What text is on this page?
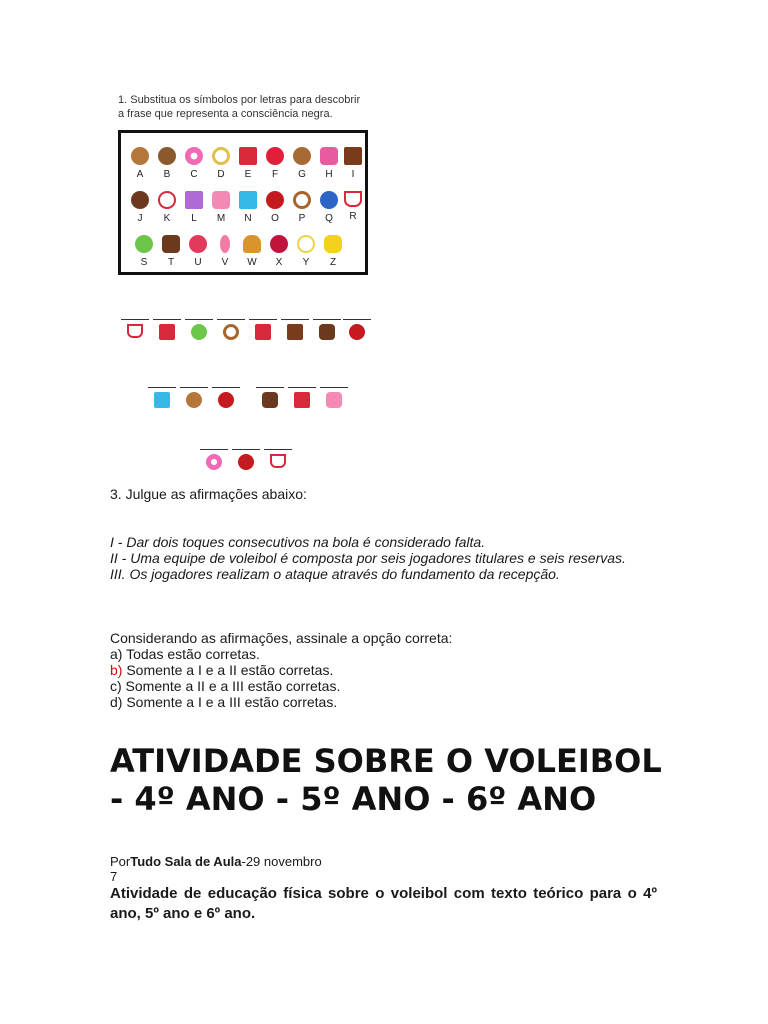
1. Substitua os símbolos por letras para descobrir
a frase que representa a consciência negra.
A	B	C	D	E	F	G	H	I
J	K	L	M	N	O	P	Q	R
S	T	U	V	W	X	Y	Z
3. Julgue as afirmações abaixo:
I - Dar dois toques consecutivos na bola é considerado falta.
II - Uma equipe de voleibol é composta por seis jogadores titulares e seis reservas.
III. Os jogadores realizam o ataque através do fundamento da recepção.
Considerando as afirmações, assinale a opção correta:
a) Todas estão corretas.
b) Somente a I e a II estão corretas.
c) Somente a II e a III estão corretas.
d) Somente a I e a III estão corretas.
ATIVIDADE SOBRE O VOLEIBOL - 4º ANO - 5º ANO - 6º ANO
PorTudo Sala de Aula-29 novembro
7
Atividade de educação física sobre o voleibol com texto teórico para o 4º ano, 5º ano e 6º ano.
